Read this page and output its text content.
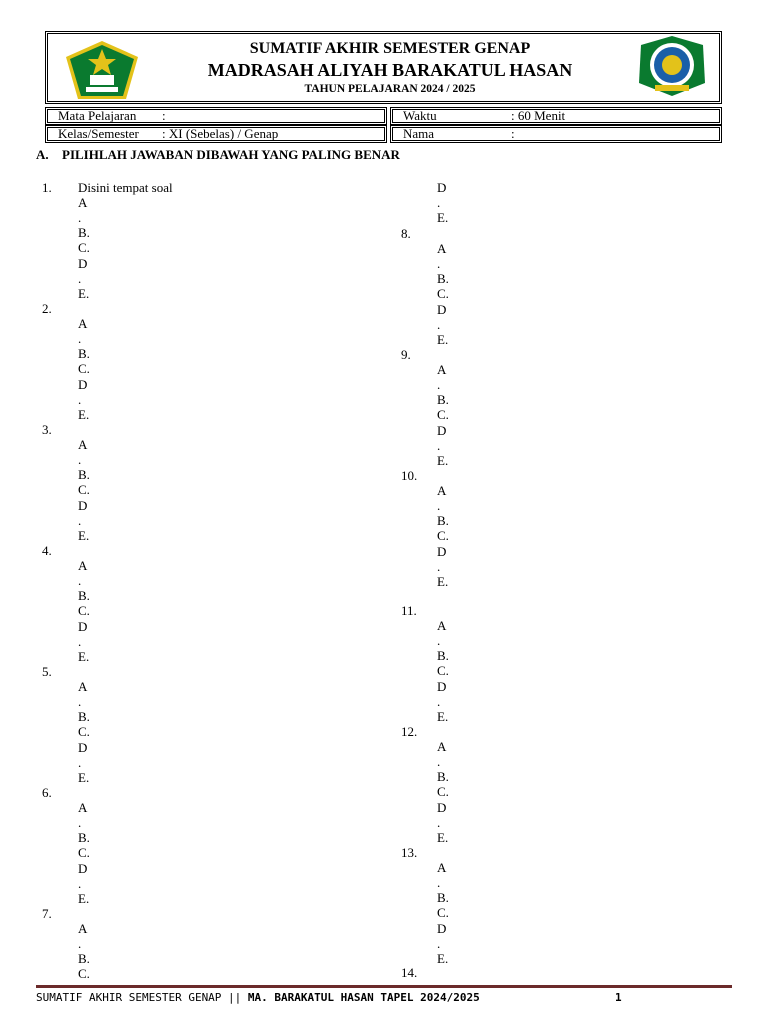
SUMATIF AKHIR SEMESTER GENAP
MADRASAH ALIYAH BARAKATUL HASAN
TAHUN PELAJARAN 2024 / 2025
Mata Pelajaran :	Waktu	: 60 Menit
Kelas/Semester : XI (Sebelas) / Genap	Nama	:
A. PILIHLAH JAWABAN DIBAWAH YANG PALING BENAR
D
.
E.
1. Disini tempat soal
A
.
B.
C.
D
.
E.
2.
A
.
B.
C.
D
.
E.
3.
A
.
B.
C.
D
.
E.
4.
A
.
B.
C.
D
.
E.
5.
A
.
B.
C.
D
.
E.
6.
A
.
B.
C.
D
.
E.
7.
A
.
B.
C.
8.
A
.
B.
C.
D
.
E.
9.
A
.
B.
C.
D
.
E.
10.
A
.
B.
C.
D
.
E.
11.
A
.
B.
C.
D
.
E.
12.
A
.
B.
C.
D
.
E.
13.
A
.
B.
C.
D
.
E.
14.
SUMATIF AKHIR SEMESTER GENAP || MA. BARAKATUL HASAN TAPEL 2024/2025	1
